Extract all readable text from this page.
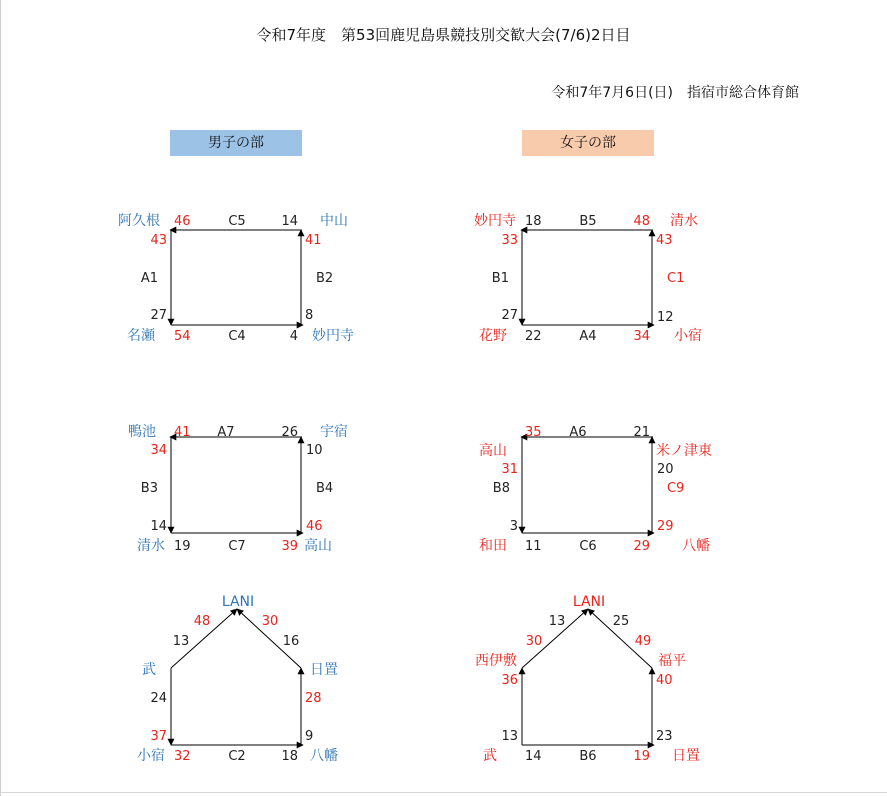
令和7年度　第53回鹿児島県競技別交歓大会(7/6)2日目
令和7年7月6日(日)　指宿市総合体育館
男子の部	女子の部
阿久根	中山
名瀬	妙円寺
46	C5	14
43
A1
27
41
B2
8
54	C4	4
鴨池	宇宿
清水	高山
41 A7	26
34
B3
14
10
B4
46
19	C7	39
LANI
武	日置
小宿	八幡
13
48	30
16
24
37
28
9
32	C2	18
妙円寺	清水
花野	小宿
18	B5	48
33
B1
27
43
C1
12
22	A4	34
高山	米ノ津東
和田	八幡
35 A6	21
31
B8
3
20
C9
29
11	C6	29
LANI
西伊敷	福平
武	日置
13
30
25
49
36
13
40
23
14	B6	19
